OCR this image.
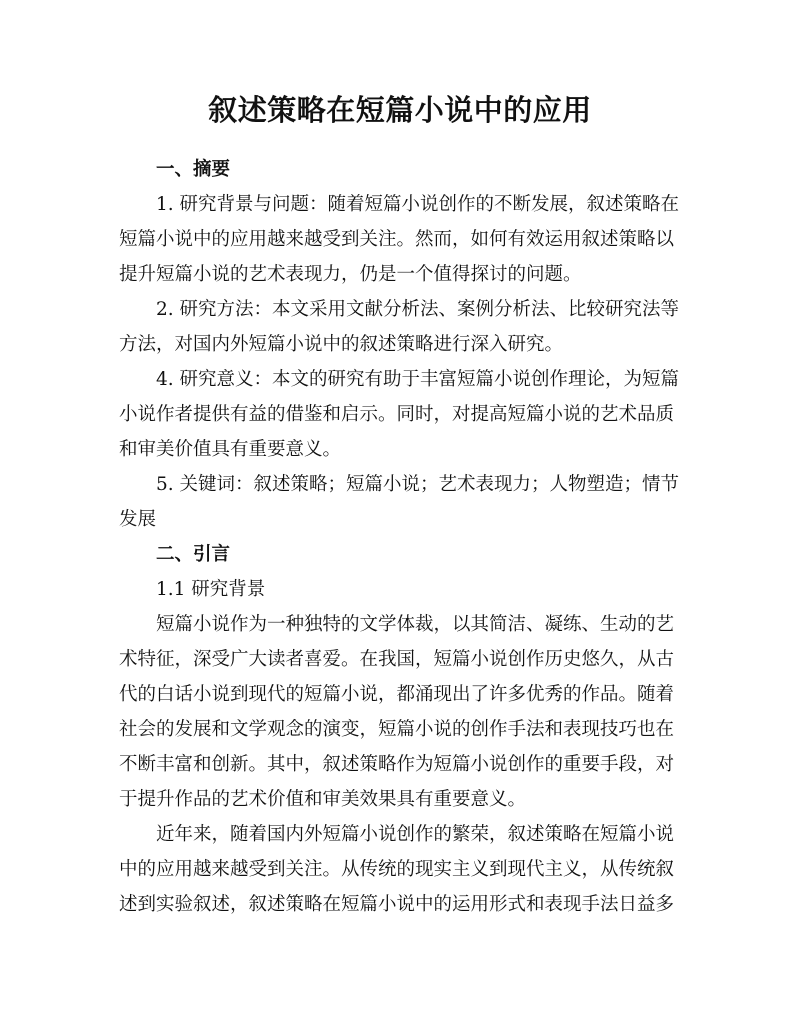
叙述策略在短篇小说中的应用
一、摘要
1. 研究背景与问题：随着短篇小说创作的不断发展，叙述策略在
短篇小说中的应用越来越受到关注。然而，如何有效运用叙述策略以
提升短篇小说的艺术表现力，仍是一个值得探讨的问题。
2. 研究方法：本文采用文献分析法、案例分析法、比较研究法等
方法，对国内外短篇小说中的叙述策略进行深入研究。
4. 研究意义：本文的研究有助于丰富短篇小说创作理论，为短篇
小说作者提供有益的借鉴和启示。同时，对提高短篇小说的艺术品质
和审美价值具有重要意义。
5. 关键词：叙述策略；短篇小说；艺术表现力；人物塑造；情节
发展
二、引言
1.1 研究背景
短篇小说作为一种独特的文学体裁，以其简洁、凝练、生动的艺
术特征，深受广大读者喜爱。在我国，短篇小说创作历史悠久，从古
代的白话小说到现代的短篇小说，都涌现出了许多优秀的作品。随着
社会的发展和文学观念的演变，短篇小说的创作手法和表现技巧也在
不断丰富和创新。其中，叙述策略作为短篇小说创作的重要手段，对
于提升作品的艺术价值和审美效果具有重要意义。
近年来，随着国内外短篇小说创作的繁荣，叙述策略在短篇小说
中的应用越来越受到关注。从传统的现实主义到现代主义，从传统叙
述到实验叙述，叙述策略在短篇小说中的运用形式和表现手法日益多
